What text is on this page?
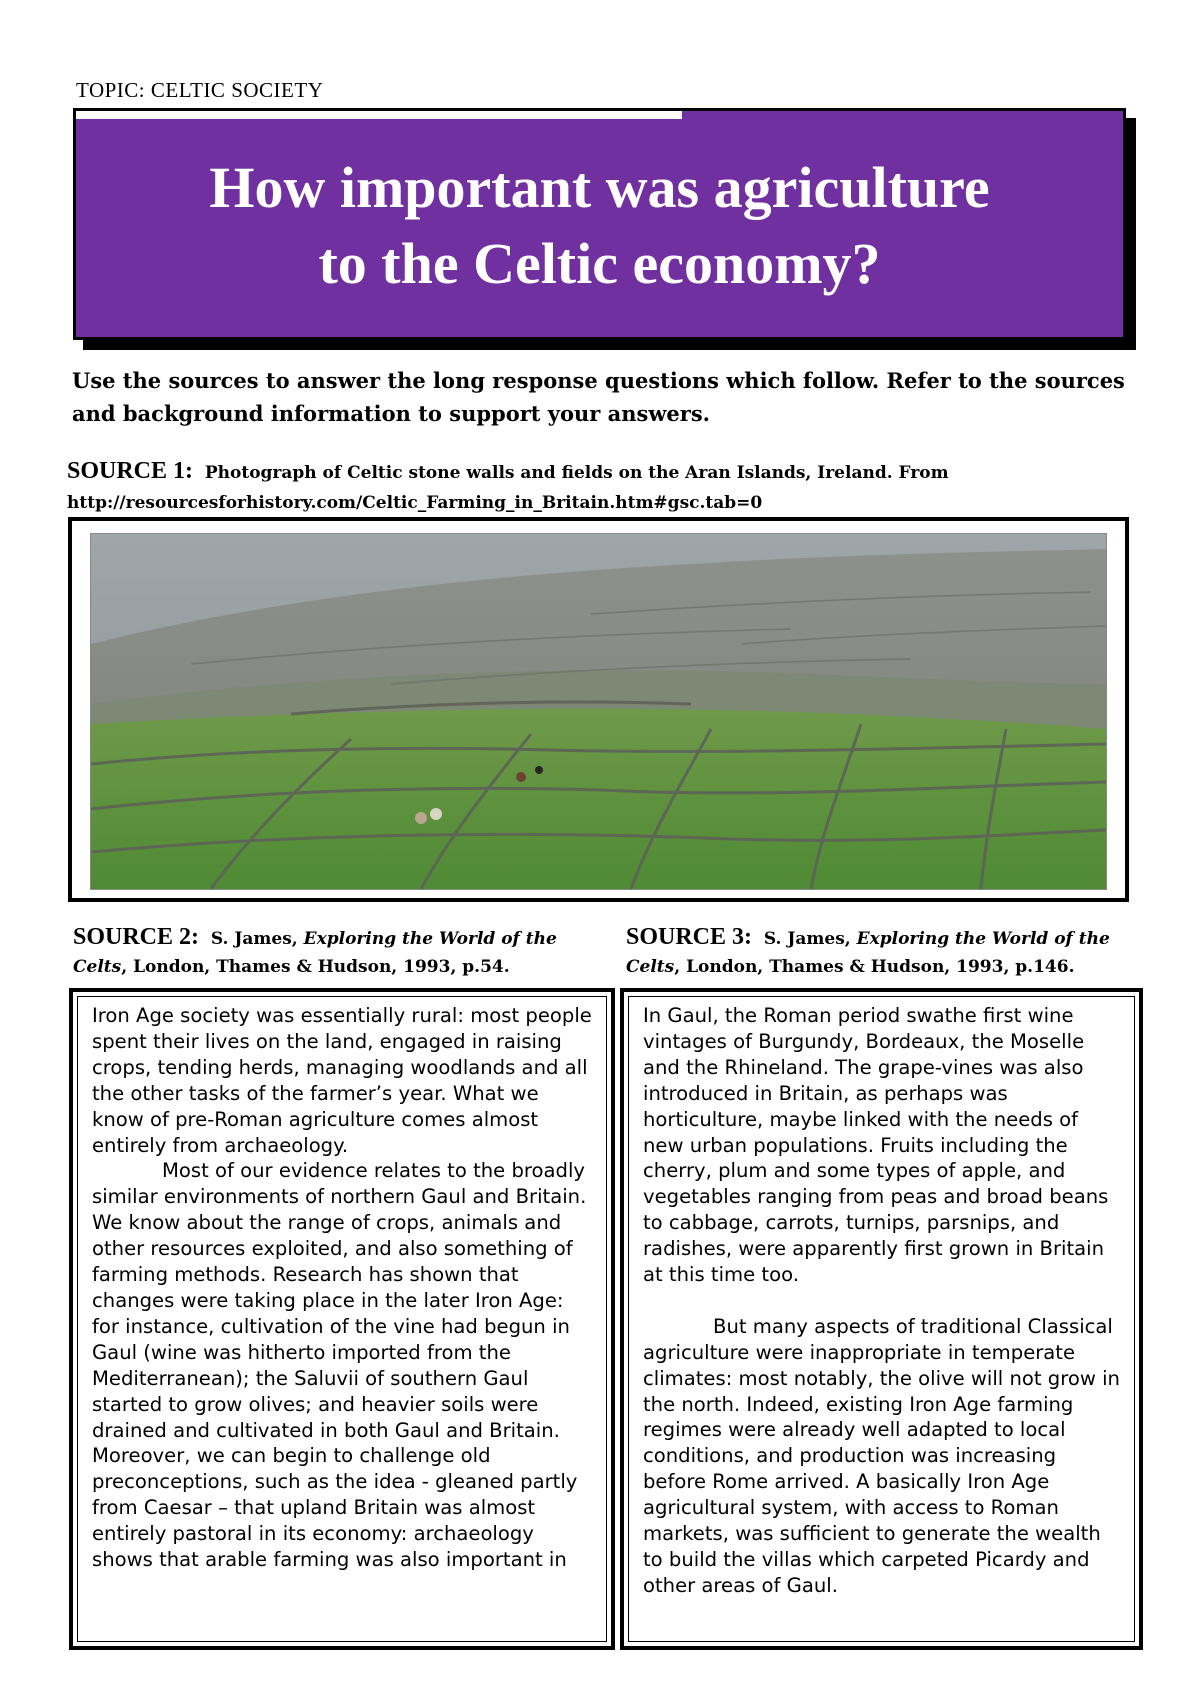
TOPIC: CELTIC SOCIETY
How important was agriculture
to the Celtic economy?
Use the sources to answer the long response questions which follow. Refer to the sources and background information to support your answers.
SOURCE 1: Photograph of Celtic stone walls and fields on the Aran Islands, Ireland. From http://resourcesforhistory.com/Celtic_Farming_in_Britain.htm#gsc.tab=0
SOURCE 2: S. James, Exploring the World of the Celts, London, Thames & Hudson, 1993, p.54.
SOURCE 3: S. James, Exploring the World of the Celts, London, Thames & Hudson, 1993, p.146.

Iron Age society was essentially rural: most people spent their lives on the land, engaged in raising crops, tending herds, managing woodlands and all the other tasks of the farmer’s year. What we know of pre-Roman agriculture comes almost entirely from archaeology.

Most of our evidence relates to the broadly similar environments of northern Gaul and Britain. We know about the range of crops, animals and other resources exploited, and also something of farming methods. Research has shown that changes were taking place in the later Iron Age: for instance, cultivation of the vine had begun in Gaul (wine was hitherto imported from the Mediterranean); the Saluvii of southern Gaul started to grow olives; and heavier soils were drained and cultivated in both Gaul and Britain. Moreover, we can begin to challenge old preconceptions, such as the idea - gleaned partly from Caesar – that upland Britain was almost entirely pastoral in its economy: archaeology shows that arable farming was also important in

In Gaul, the Roman period swathe first wine vintages of Burgundy, Bordeaux, the Moselle and the Rhineland. The grape-vines was also introduced in Britain, as perhaps was horticulture, maybe linked with the needs of new urban populations. Fruits including the cherry, plum and some types of apple, and vegetables ranging from peas and broad beans to cabbage, carrots, turnips, parsnips, and radishes, were apparently first grown in Britain at this time too.

But many aspects of traditional Classical agriculture were inappropriate in temperate climates: most notably, the olive will not grow in the north. Indeed, existing Iron Age farming regimes were already well adapted to local conditions, and production was increasing before Rome arrived. A basically Iron Age agricultural system, with access to Roman markets, was sufficient to generate the wealth to build the villas which carpeted Picardy and other areas of Gaul.
